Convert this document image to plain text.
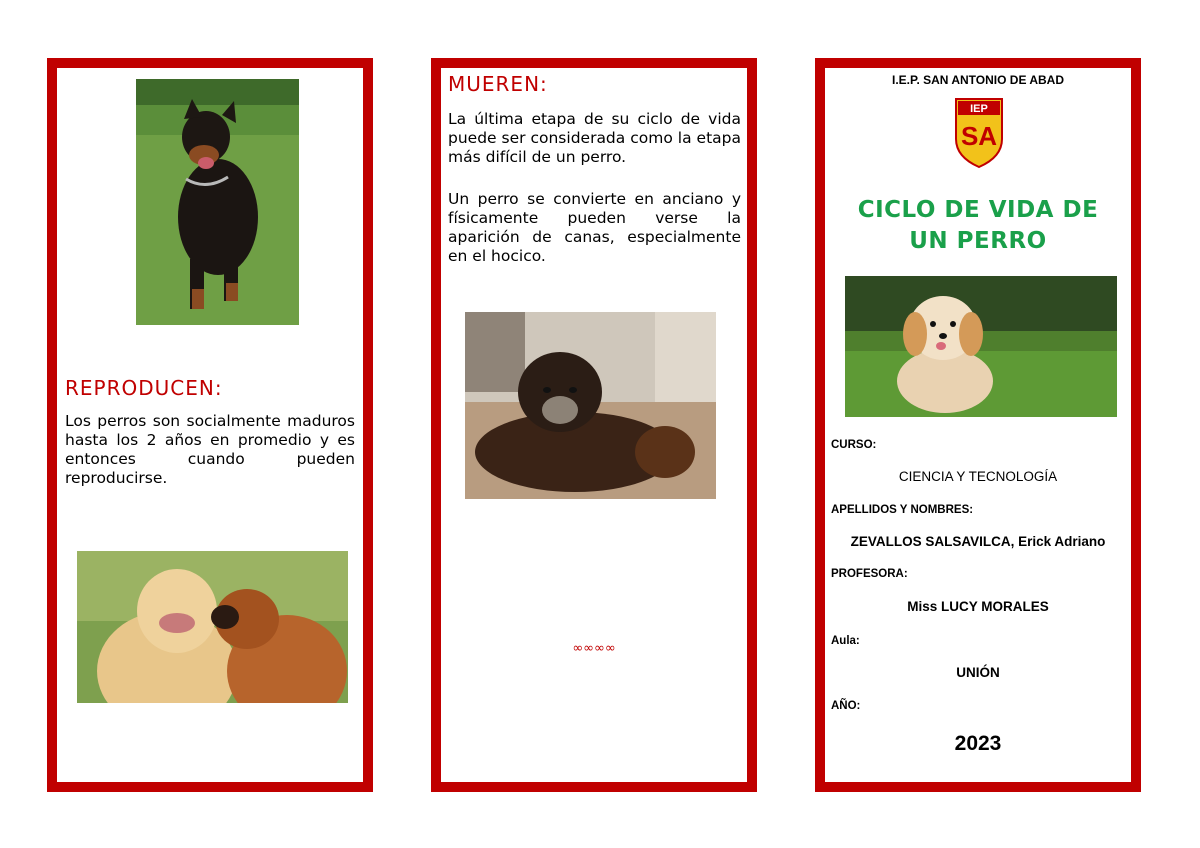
REPRODUCEN:

Los perros son socialmente maduros hasta los 2 años en promedio y es entonces cuando pueden reproducirse.

MUEREN:

La última etapa de su ciclo de vida puede ser considerada como la etapa más difícil de un perro.

Un perro se convierte en anciano y físicamente pueden verse la aparición de canas, especialmente en el hocico.

∞∞∞∞
I.E.P. SAN ANTONIO DE ABAD
IEP
SA
CICLO DE VIDA DE UN PERRO
CURSO:
CIENCIA Y TECNOLOGÍA
APELLIDOS Y NOMBRES:
ZEVALLOS SALSAVILCA, Erick Adriano
PROFESORA:
Miss LUCY MORALES
Aula:
UNIÓN
AÑO:
2023
